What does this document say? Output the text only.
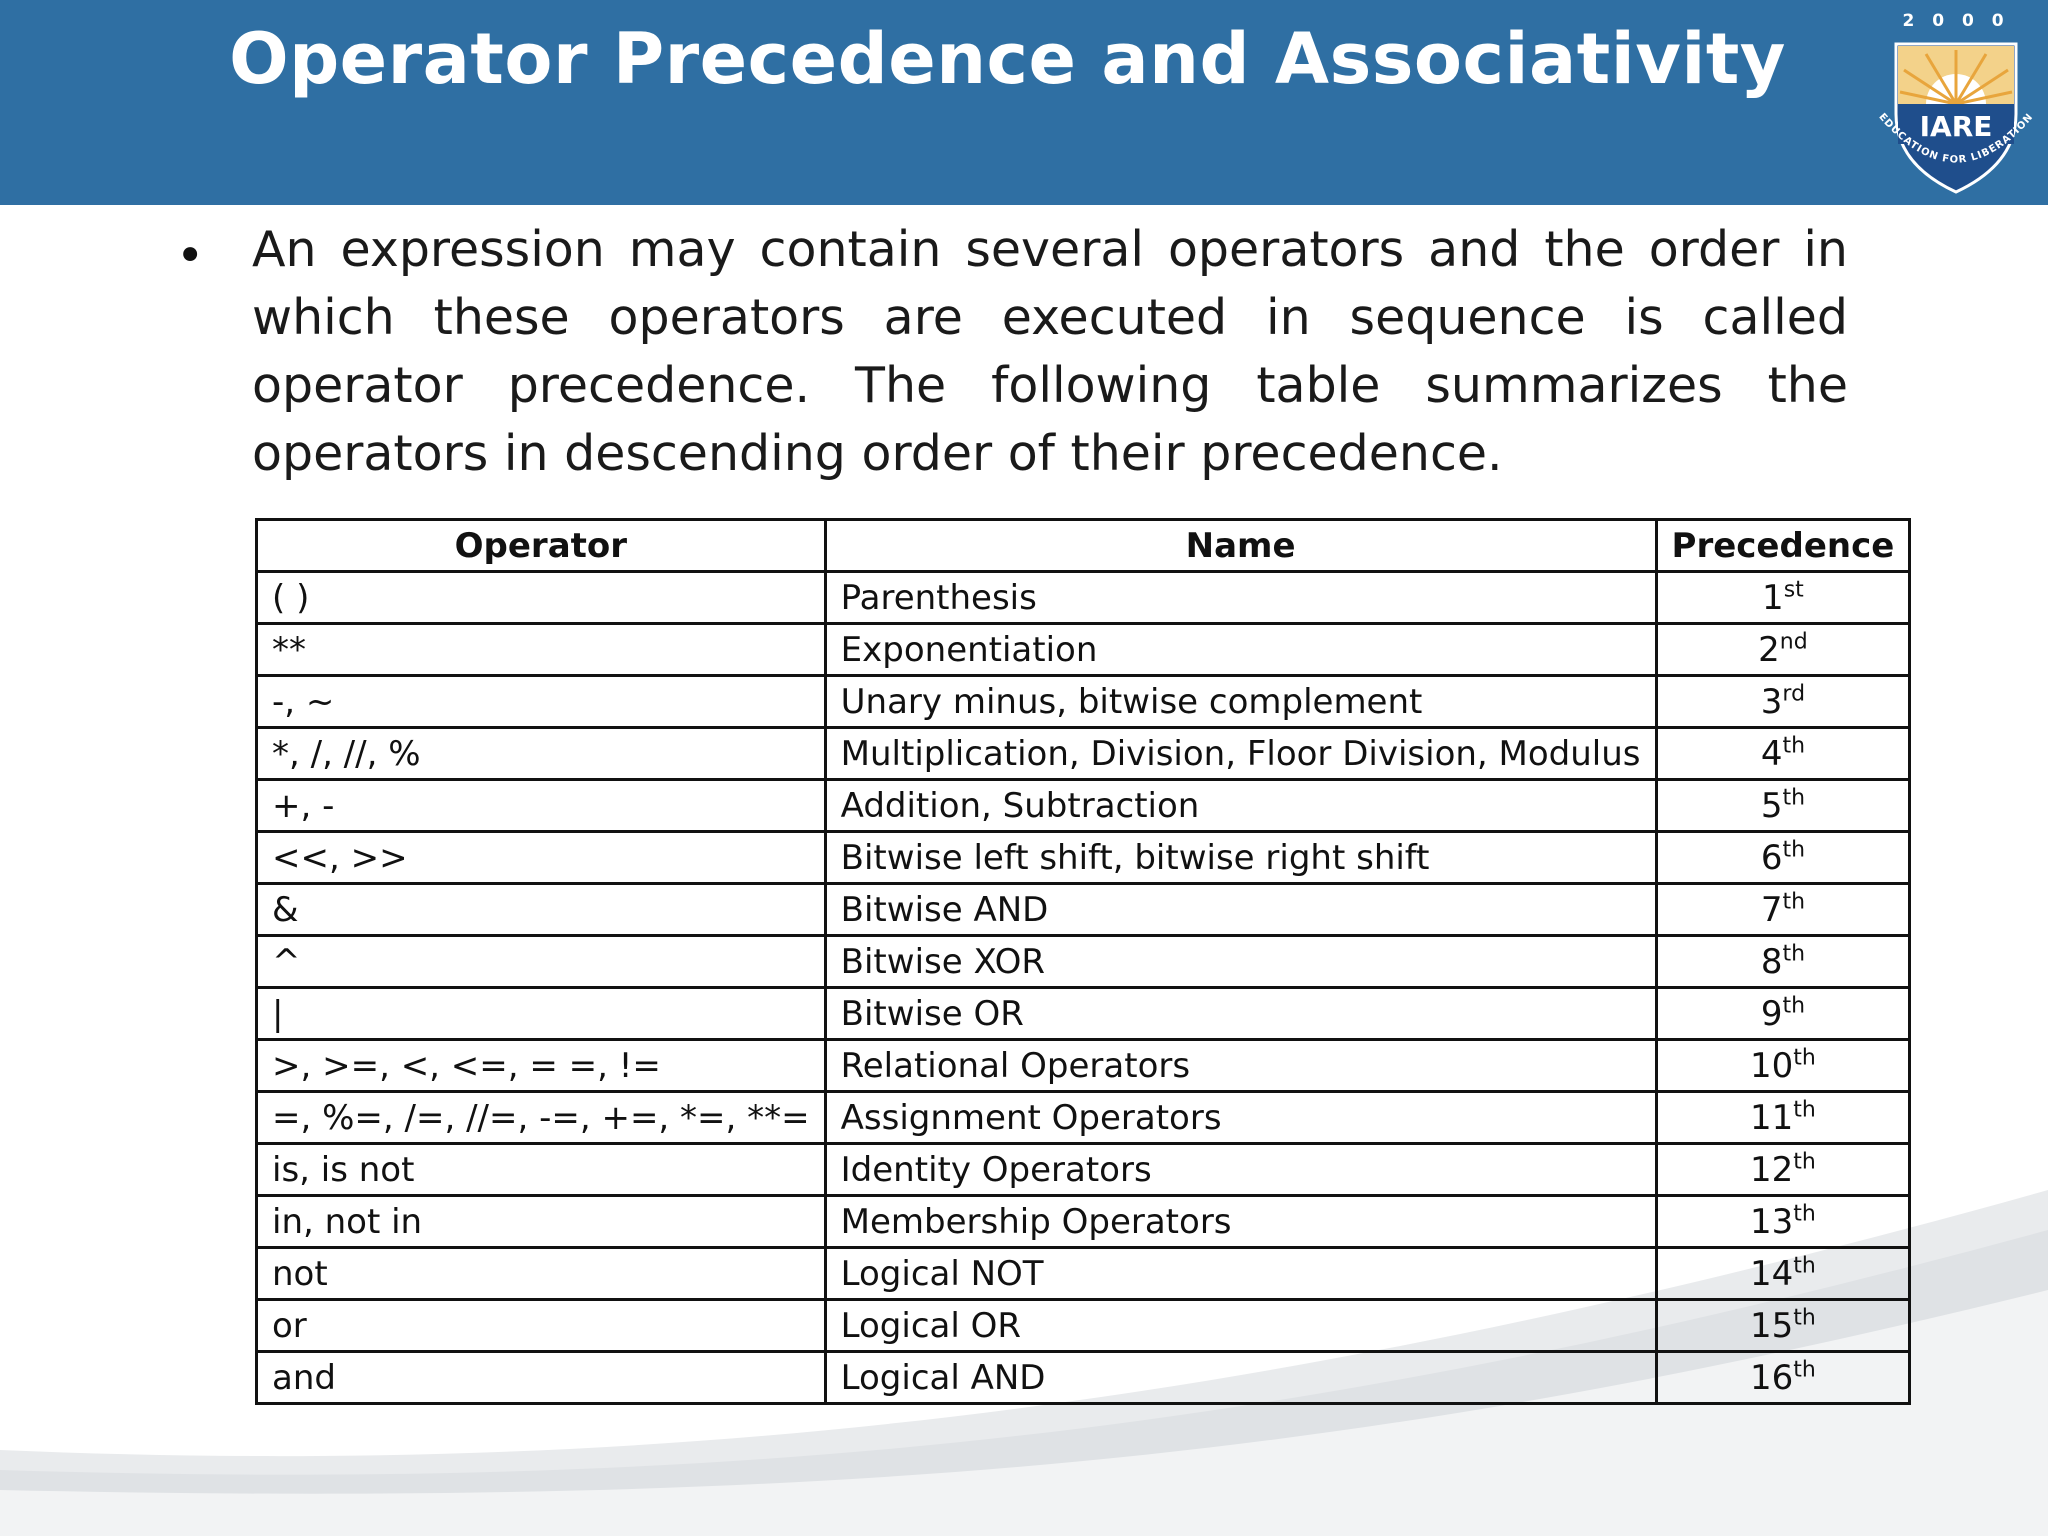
Operator Precedence and Associativity	2 0 0 0
IARE
EDUCATION FOR LIBERATION
• An expression may contain several operators and the order in which these operators are executed in sequence is called operator precedence. The following table summarizes the operators in descending order of their precedence.
Operator	Name	Precedence
( )	Parenthesis	1st
**	Exponentiation	2nd
-, ~	Unary minus, bitwise complement	3rd
*, /, //, %	Multiplication, Division, Floor Division, Modulus	4th
+, -	Addition, Subtraction	5th
<<, >>	Bitwise left shift, bitwise right shift	6th
&	Bitwise AND	7th
^	Bitwise XOR	8th
|	Bitwise OR	9th
>, >=, <, <=, = =, !=	Relational Operators	10th
=, %=, /=, //=, -=, +=, *=, **=	Assignment Operators	11th
is, is not	Identity Operators	12th
in, not in	Membership Operators	13th
not	Logical NOT	14th
or	Logical OR	15th
and	Logical AND	16th
